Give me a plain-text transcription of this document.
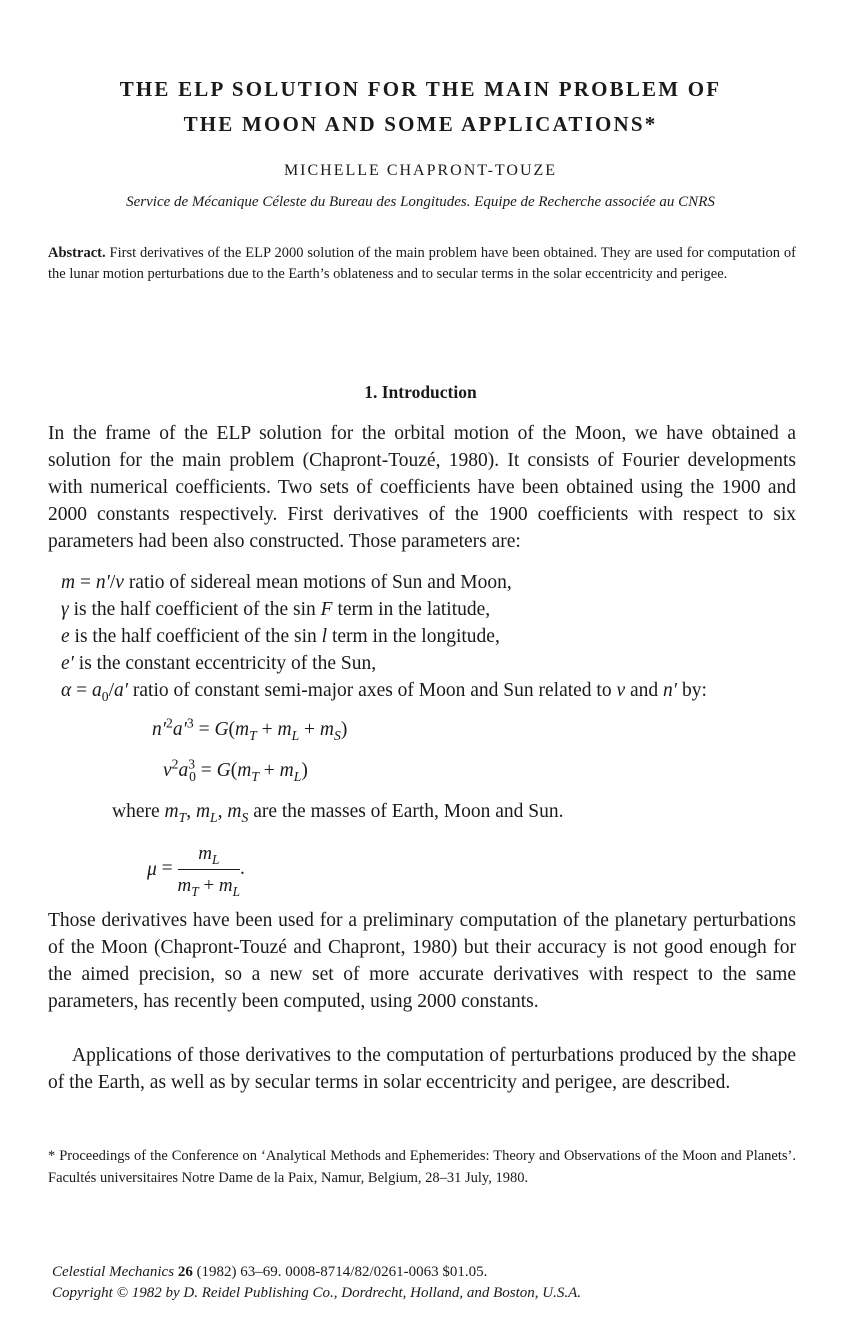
THE ELP SOLUTION FOR THE MAIN PROBLEM OF
THE MOON AND SOME APPLICATIONS*
MICHELLE CHAPRONT-TOUZE
Service de Mécanique Céleste du Bureau des Longitudes. Equipe de Recherche associée au CNRS
Abstract. First derivatives of the ELP 2000 solution of the main problem have been obtained. They are used for computation of the lunar motion perturbations due to the Earth’s oblateness and to secular terms in the solar eccentricity and perigee.
1. Introduction
In the frame of the ELP solution for the orbital motion of the Moon, we have obtained a solution for the main problem (Chapront-Touzé, 1980). It consists of Fourier developments with numerical coefficients. Two sets of coefficients have been obtained using the 1900 and 2000 constants respectively. First derivatives of the 1900 coefficients with respect to six parameters had been also constructed. Those parameters are:
m = n′/ν ratio of sidereal mean motions of Sun and Moon,
γ is the half coefficient of the sin F term in the latitude,
e is the half coefficient of the sin l term in the longitude,
e′ is the constant eccentricity of the Sun,
$\alpha = a_0/a'$ ratio of constant semi-major axes of Moon and Sun related to ν and n′ by:
$n'^2a'^3 = G(m_T + m_L + m_S)$
$\nu^2a^3_0 = G(m_T + m_L)$
where $m_T$, $m_L$, $m_S$ are the masses of Earth, Moon and Sun.
$\mu = \frac{m_L}{m_T + m_L}$ .
Those derivatives have been used for a preliminary computation of the planetary perturbations of the Moon (Chapront-Touzé and Chapront, 1980) but their accuracy is not good enough for the aimed precision, so a new set of more accurate derivatives with respect to the same parameters, has recently been computed, using 2000 constants.
Applications of those derivatives to the computation of perturbations produced by the shape of the Earth, as well as by secular terms in solar eccentricity and perigee, are described.
* Proceedings of the Conference on ‘Analytical Methods and Ephemerides: Theory and Observations of the Moon and Planets’. Facultés universitaires Notre Dame de la Paix, Namur, Belgium, 28–31 July, 1980.
Celestial Mechanics 26 (1982) 63–69. 0008-8714/82/0261-0063 $01.05.
Copyright © 1982 by D. Reidel Publishing Co., Dordrecht, Holland, and Boston, U.S.A.
